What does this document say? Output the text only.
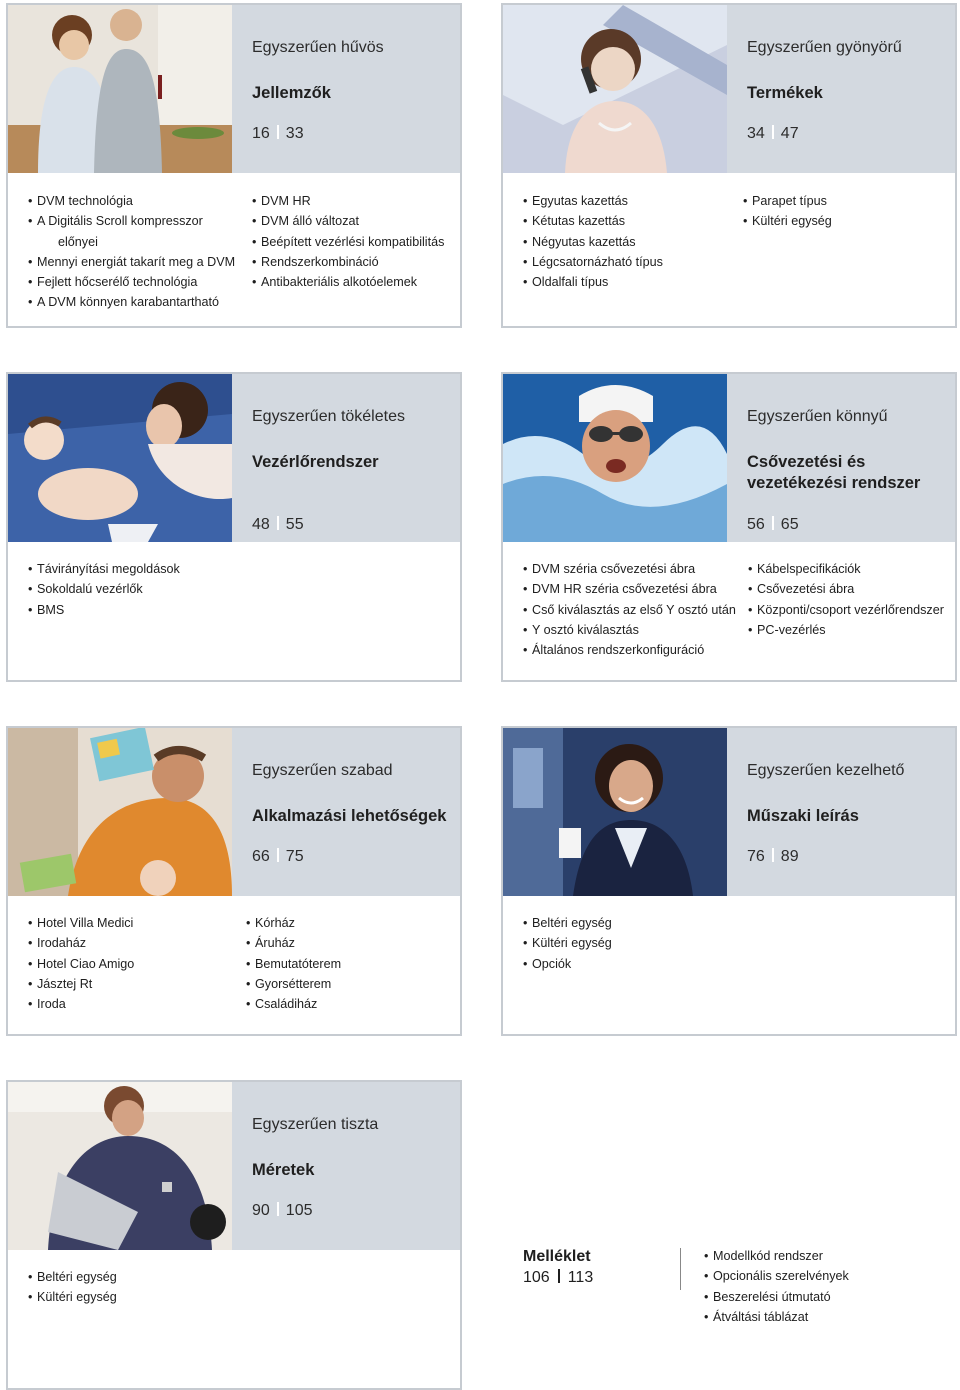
Egyszerűen hűvös
Jellemzők
16 33
• DVM technológia
• A Digitális Scroll kompresszor
előnyei
• Mennyi energiát takarít meg a DVM
• Fejlett hőcserélő technológia
• A DVM könnyen karabantartható
• DVM HR
• DVM álló változat
• Beépített vezérlési kompatibilitás
• Rendszerkombináció
• Antibakteriális alkotóelemek
Egyszerűen gyönyörű
Termékek
34 47
• Egyutas kazettás
• Kétutas kazettás
• Négyutas kazettás
• Légcsatornázható típus
• Oldalfali típus
• Parapet típus
• Kültéri egység
Egyszerűen tökéletes
Vezérlőrendszer
48 55
• Távirányítási megoldások
• Sokoldalú vezérlők
• BMS
Egyszerűen könnyű
Csővezetési és
vezetékezési rendszer
56 65
• DVM széria csővezetési ábra
• DVM HR széria csővezetési ábra
• Cső kiválasztás az első Y osztó után
• Y osztó kiválasztás
• Általános rendszerkonfiguráció
• Kábelspecifikációk
• Csővezetési ábra
• Központi/csoport vezérlőrendszer
• PC-vezérlés
Egyszerűen szabad
Alkalmazási lehetőségek
66 75
• Hotel Villa Medici
• Irodaház
• Hotel Ciao Amigo
• Jásztej Rt
• Iroda
• Kórház
• Áruház
• Bemutatóterem
• Gyorsétterem
• Családiház
Egyszerűen kezelhető
Műszaki leírás
76 89
• Beltéri egység
• Kültéri egység
• Opciók
Egyszerűen tiszta
Méretek
90 105
• Beltéri egység
• Kültéri egység
Melléklet
106 113
• Modellkód rendszer
• Opcionális szerelvények
• Beszerelési útmutató
• Átváltási táblázat
